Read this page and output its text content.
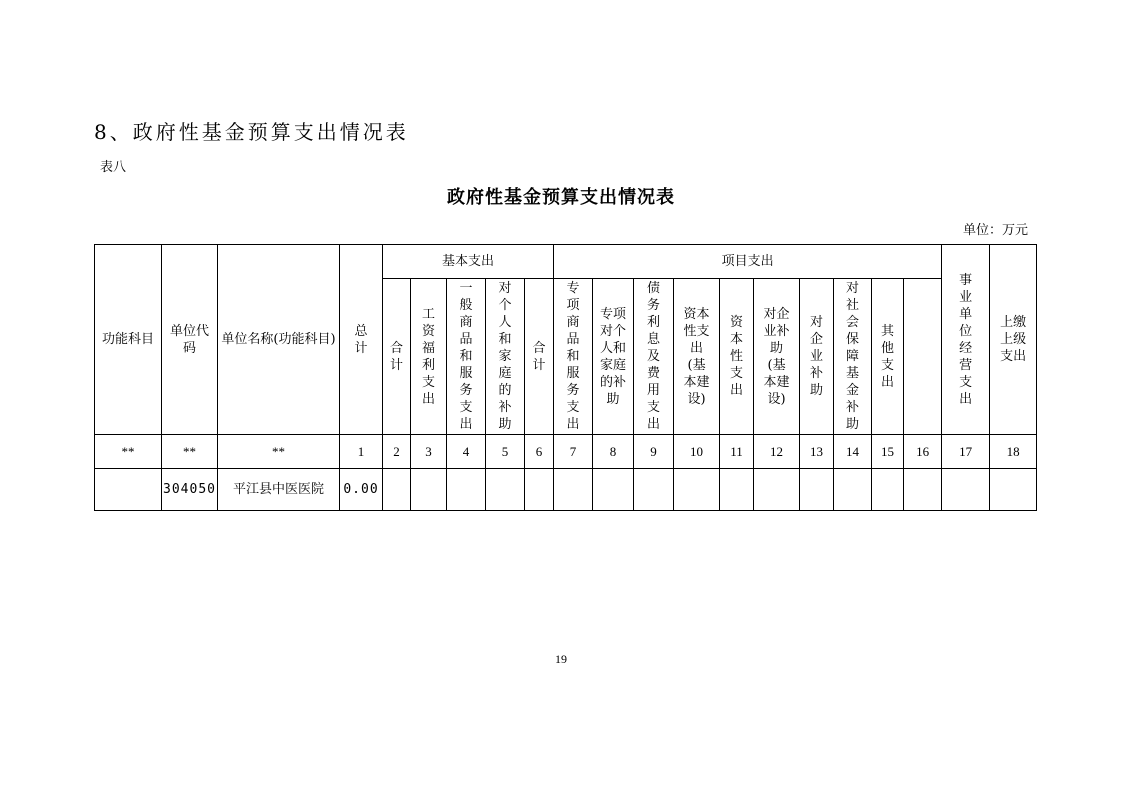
8、政府性基金预算支出情况表
表八
政府性基金预算支出情况表
单位：万元
功能科目	单位代码	单位名称(功能科目)	总计	基本支出					项目支出										事业单位经营支出	上缴上级支出	
				合计	工资福利支出	一般商品和服务支出	对个人和家庭的补助	合计	专项商品和服务支出	专项对个人和家庭的补助	债务利息及费用支出	资本性支出(基本建设)	资本性支出	对企业补助(基本建设)	对企业补助	对社会保障基金补助	其他支出				
**	**	**	1	2	3	4	5	6	7	8	9	10	11	12	13	14	15	16	17	18	
	304050	平江县中医医院	0.00																		
19
